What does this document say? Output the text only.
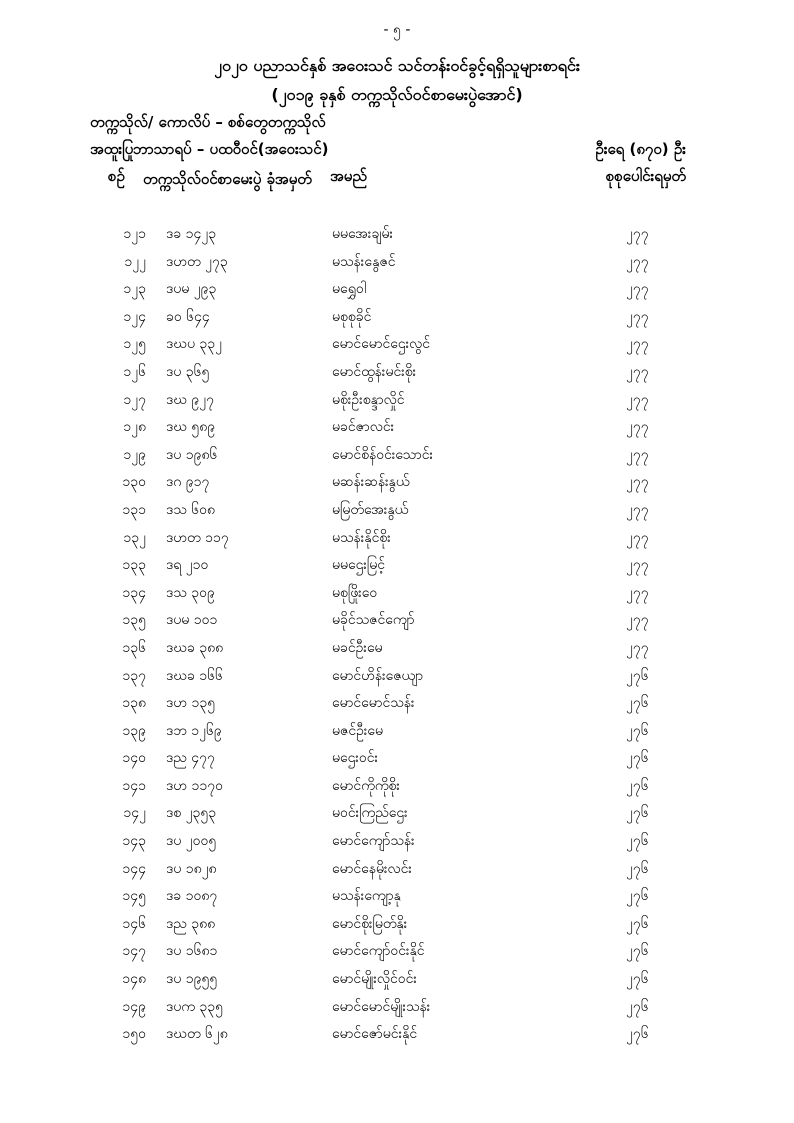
- ၅ -
၂၀၂၀ ပညာသင်နှစ် အဝေးသင် သင်တန်းဝင်ခွင့်ရရှိသူများစာရင်း
(၂၀၁၉ ခုနှစ် တက္ကသိုလ်ဝင်စာမေးပွဲအောင်)
တက္ကသိုလ်/ ကောလိပ် – စစ်တွေတက္ကသိုလ်
အထူးပြုဘာသာရပ် – ပထဝီဝင်(အဝေးသင်)	ဦးရေ (၈၇၀) ဦး
စဉ် တက္ကသိုလ်ဝင်စာမေးပွဲ ခုံအမှတ် အမည်	စုစုပေါင်းရမှတ်
၁၂၁ ဒခ ၁၄၂၃	မမအေးချမ်း	၂၇၇
၁၂၂ ဒဟတ ၂၇၃	မသန်းနွေဇင်	၂၇၇
၁၂၃ ဒပမ ၂၉၃	မရွှေဝါ	၂၇၇
၁၂၄ ခဝ ၆၄၄	မစုစုခိုင်	၂၇၇
၁၂၅ ဒဃပ ၃၃၂	မောင်မောင်ဌေးလွင်	၂၇၇
၁၂၆ ဒပ ၃၆၅	မောင်ထွန်းမင်းစိုး	၂၇၇
၁၂၇ ဒဃ ၉၂၇	မစိုးဦးစန္ဒာလှိုင်	၂၇၇
၁၂၈ ဒဃ ၅၈၉	မခင်ဇာလင်း	၂၇၇
၁၂၉ ဒပ ၁၉၈၆	မောင်စိန်ဝင်းသောင်း	၂၇၇
၁၃၀ ဒဂ ၉၁၇	မဆန်းဆန်းနွယ်	၂၇၇
၁၃၁ ဒသ ၆၀၈	မမြတ်အေးနွယ်	၂၇၇
၁၃၂ ဒဟတ ၁၁၇	မသန်းနိုင်စိုး	၂၇၇
၁၃၃ ဒရ ၂၁၀	မမဌေးမြင့်	၂၇၇
၁၃၄ ဒသ ၃၀၉	မစုဖြိုးဝေ	၂၇၇
၁၃၅ ဒပမ ၁၀၁	မခိုင်သဇင်ကျော်	၂၇၇
၁၃၆ ဒဃခ ၃၈၈	မခင်ဦးမေ	၂၇၇
၁၃၇ ဒဃခ ၁၆၆	မောင်ဟိန်းဇေယျာ	၂၇၆
၁၃၈ ဒဟ ၁၃၅	မောင်မောင်သန်း	၂၇၆
၁၃၉ ဒဘ ၁၂၆၉	မဇင်ဦးမေ	၂၇၆
၁၄၀ ဒည ၄၇၇	မဌေးဝင်း	၂၇၆
၁၄၁ ဒဟ ၁၁၇၀	မောင်ကိုကိုစိုး	၂၇၆
၁၄၂ ဒစ ၂၃၅၃	မဝင်းကြည်ဌေး	၂၇၆
၁၄၃ ဒပ ၂၀၀၅	မောင်ကျော်သန်း	၂၇၆
၁၄၄ ဒပ ၁၈၂၈	မောင်နေမိုးလင်း	၂၇၆
၁၄၅ ဒခ ၁၀၈၇	မသန်းကျော့နု	၂၇၆
၁၄၆ ဒည ၃၈၈	မောင်စိုးမြတ်နိုး	၂၇၆
၁၄၇ ဒပ ၁၆၈၁	မောင်ကျော်ဝင်းနိုင်	၂၇၆
၁၄၈ ဒပ ၁၉၅၅	မောင်မျိုးလှိုင်ဝင်း	၂၇၆
၁၄၉ ဒပက ၃၃၅	မောင်မောင်မျိုးသန်း	၂၇၆
၁၅၀ ဒဃတ ၆၂၈	မောင်ဇော်မင်းနိုင်	၂၇၆
